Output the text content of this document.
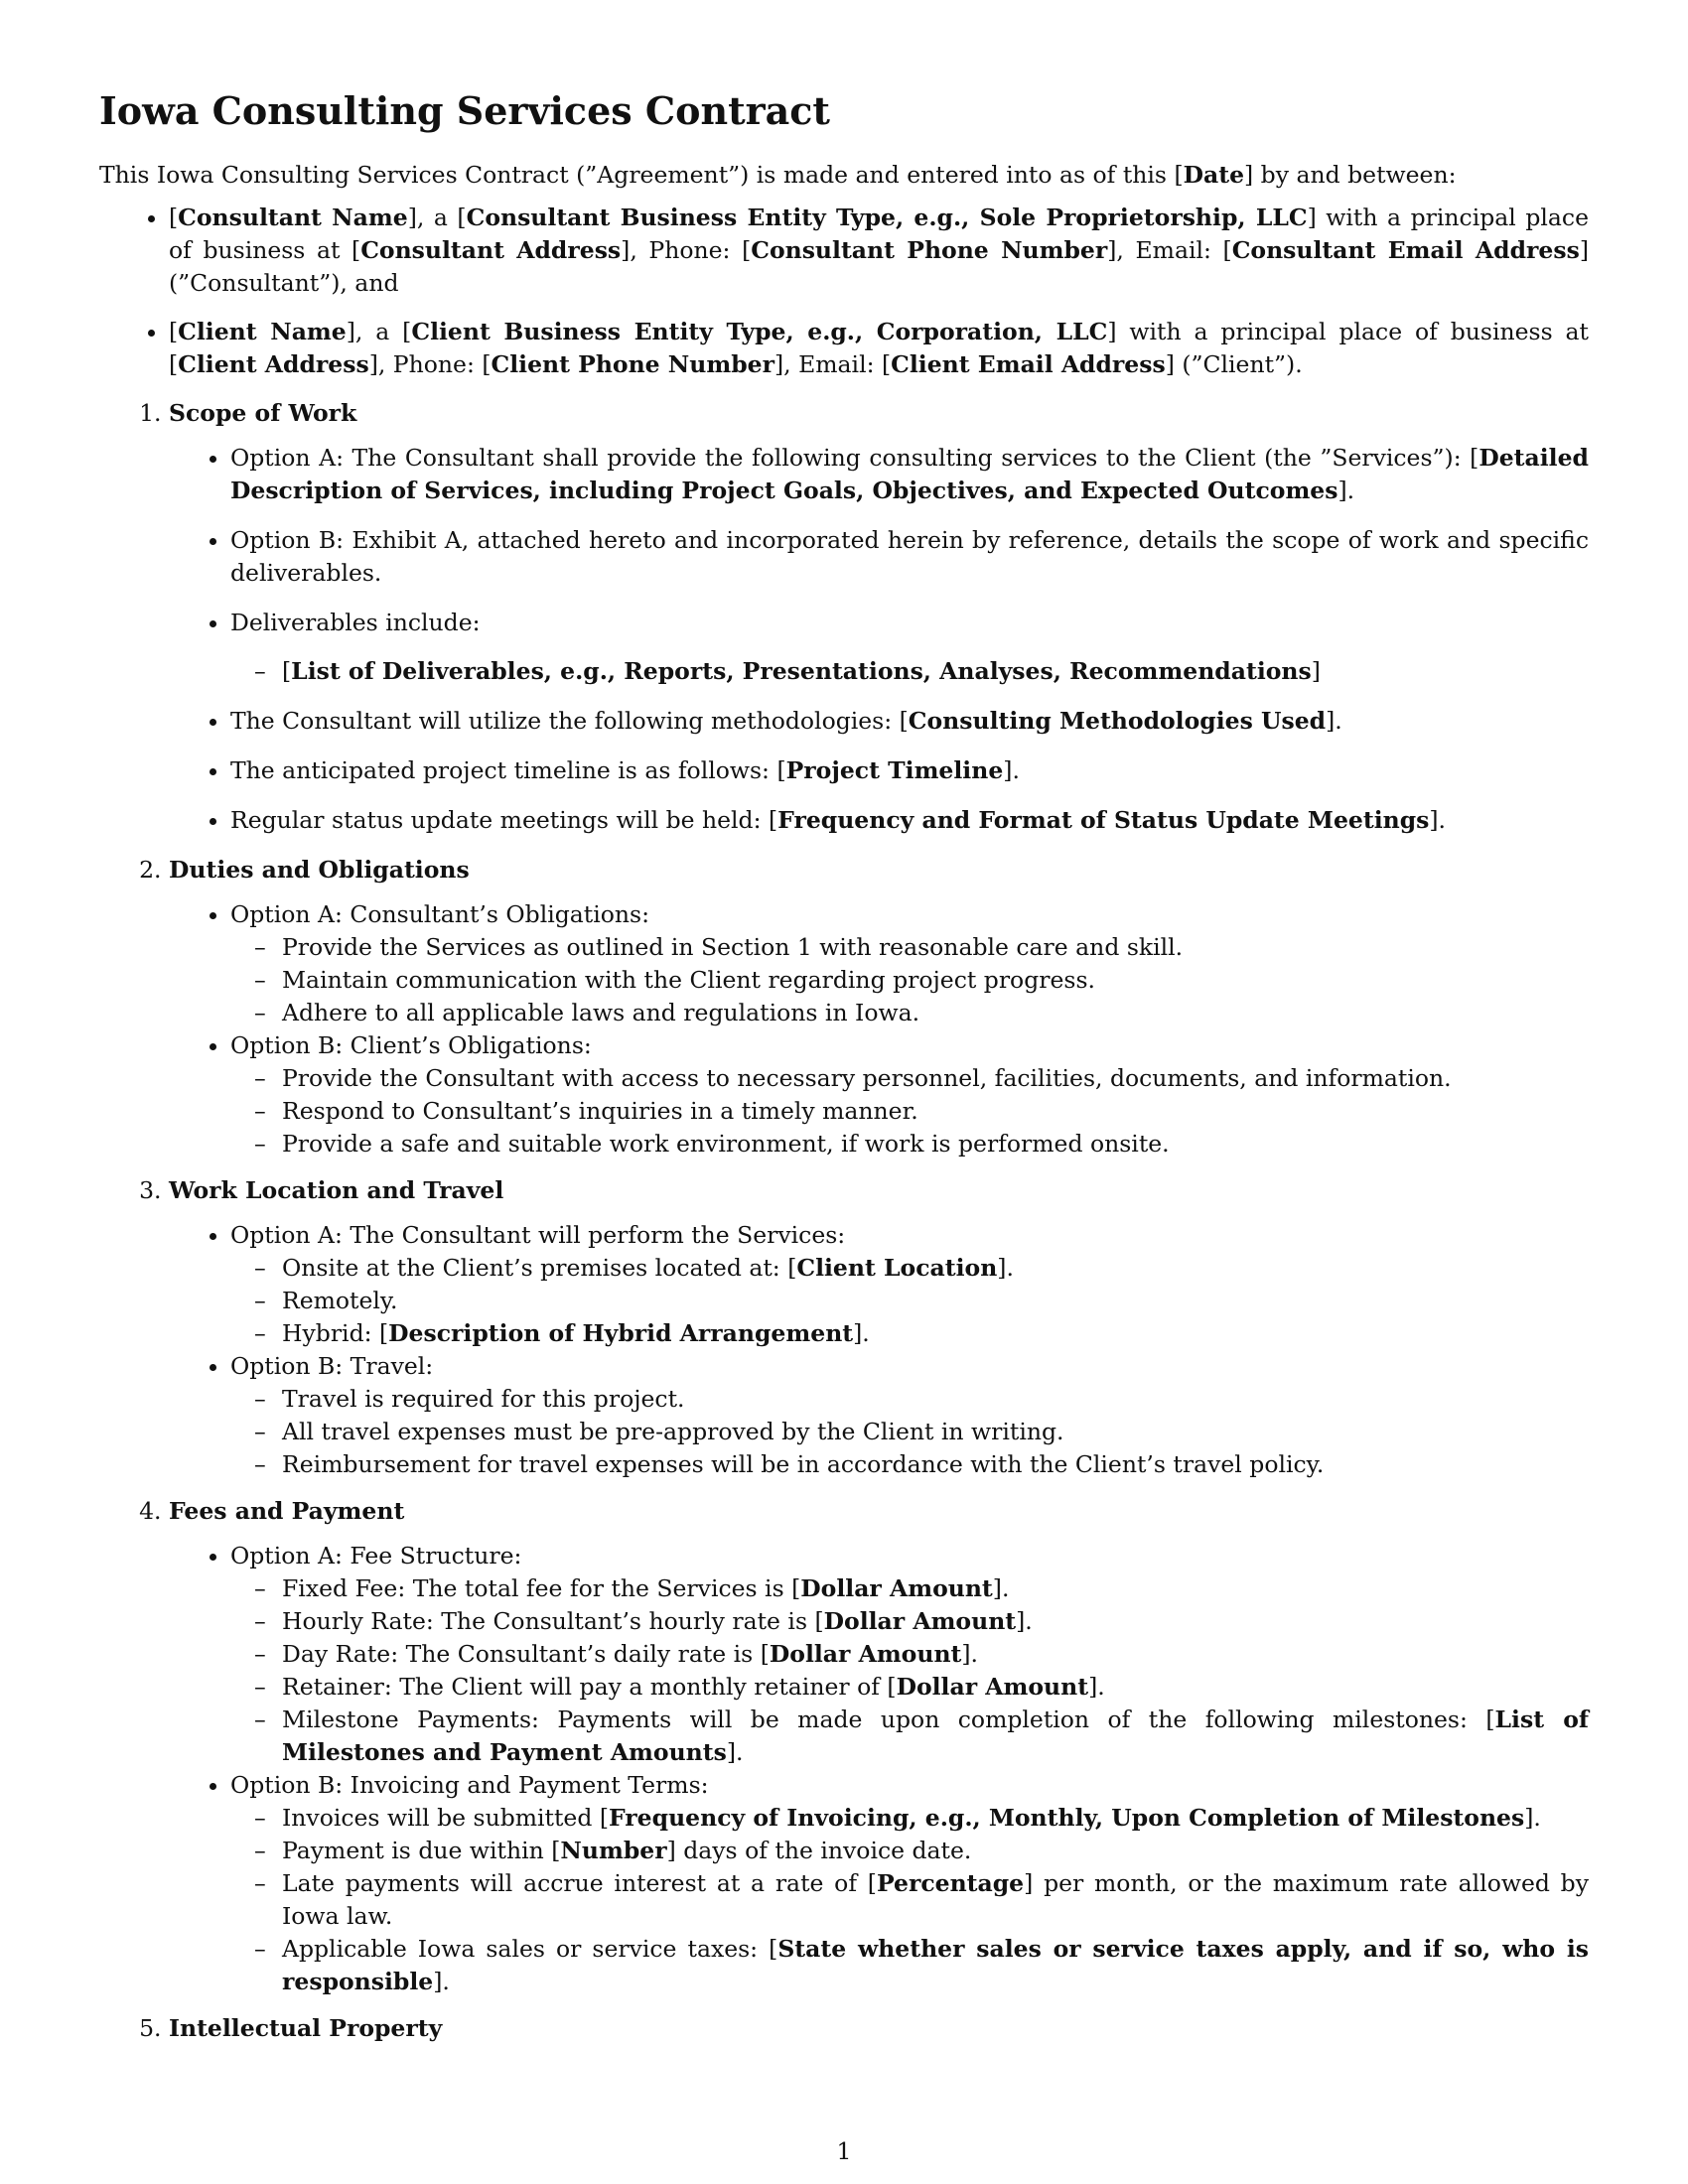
Iowa Consulting Services Contract

This Iowa Consulting Services Contract (”Agreement”) is made and entered into as of this [Date] by and between:

• [Consultant Name], a [Consultant Business Entity Type, e.g., Sole Proprietorship, LLC] with a principal place of business at [Consultant Address], Phone: [Consultant Phone Number], Email: [Consultant Email Address] (”Consultant”), and
• [Client Name], a [Client Business Entity Type, e.g., Corporation, LLC] with a principal place of business at [Client Address], Phone: [Client Phone Number], Email: [Client Email Address] (”Client”).
1. Scope of Work
• Option A: The Consultant shall provide the following consulting services to the Client (the ”Services”): [Detailed Description of Services, including Project Goals, Objectives, and Expected Outcomes].
• Option B: Exhibit A, attached hereto and incorporated herein by reference, details the scope of work and specific deliverables.
• Deliverables include:
– [List of Deliverables, e.g., Reports, Presentations, Analyses, Recommendations]
• The Consultant will utilize the following methodologies: [Consulting Methodologies Used].
• The anticipated project timeline is as follows: [Project Timeline].
• Regular status update meetings will be held: [Frequency and Format of Status Update Meetings].
2. Duties and Obligations
• Option A: Consultant’s Obligations:
– Provide the Services as outlined in Section 1 with reasonable care and skill.
– Maintain communication with the Client regarding project progress.
– Adhere to all applicable laws and regulations in Iowa.
• Option B: Client’s Obligations:
– Provide the Consultant with access to necessary personnel, facilities, documents, and information.
– Respond to Consultant’s inquiries in a timely manner.
– Provide a safe and suitable work environment, if work is performed onsite.
3. Work Location and Travel
• Option A: The Consultant will perform the Services:
– Onsite at the Client’s premises located at: [Client Location].
– Remotely.
– Hybrid: [Description of Hybrid Arrangement].
• Option B: Travel:
– Travel is required for this project.
– All travel expenses must be pre-approved by the Client in writing.
– Reimbursement for travel expenses will be in accordance with the Client’s travel policy.
4. Fees and Payment
• Option A: Fee Structure:
– Fixed Fee: The total fee for the Services is [Dollar Amount].
– Hourly Rate: The Consultant’s hourly rate is [Dollar Amount].
– Day Rate: The Consultant’s daily rate is [Dollar Amount].
– Retainer: The Client will pay a monthly retainer of [Dollar Amount].
– Milestone Payments: Payments will be made upon completion of the following milestones: [List of Milestones and Payment Amounts].
• Option B: Invoicing and Payment Terms:
– Invoices will be submitted [Frequency of Invoicing, e.g., Monthly, Upon Completion of Milestones].
– Payment is due within [Number] days of the invoice date.
– Late payments will accrue interest at a rate of [Percentage] per month, or the maximum rate allowed by Iowa law.
– Applicable Iowa sales or service taxes: [State whether sales or service taxes apply, and if so, who is responsible].
5. Intellectual Property
1
